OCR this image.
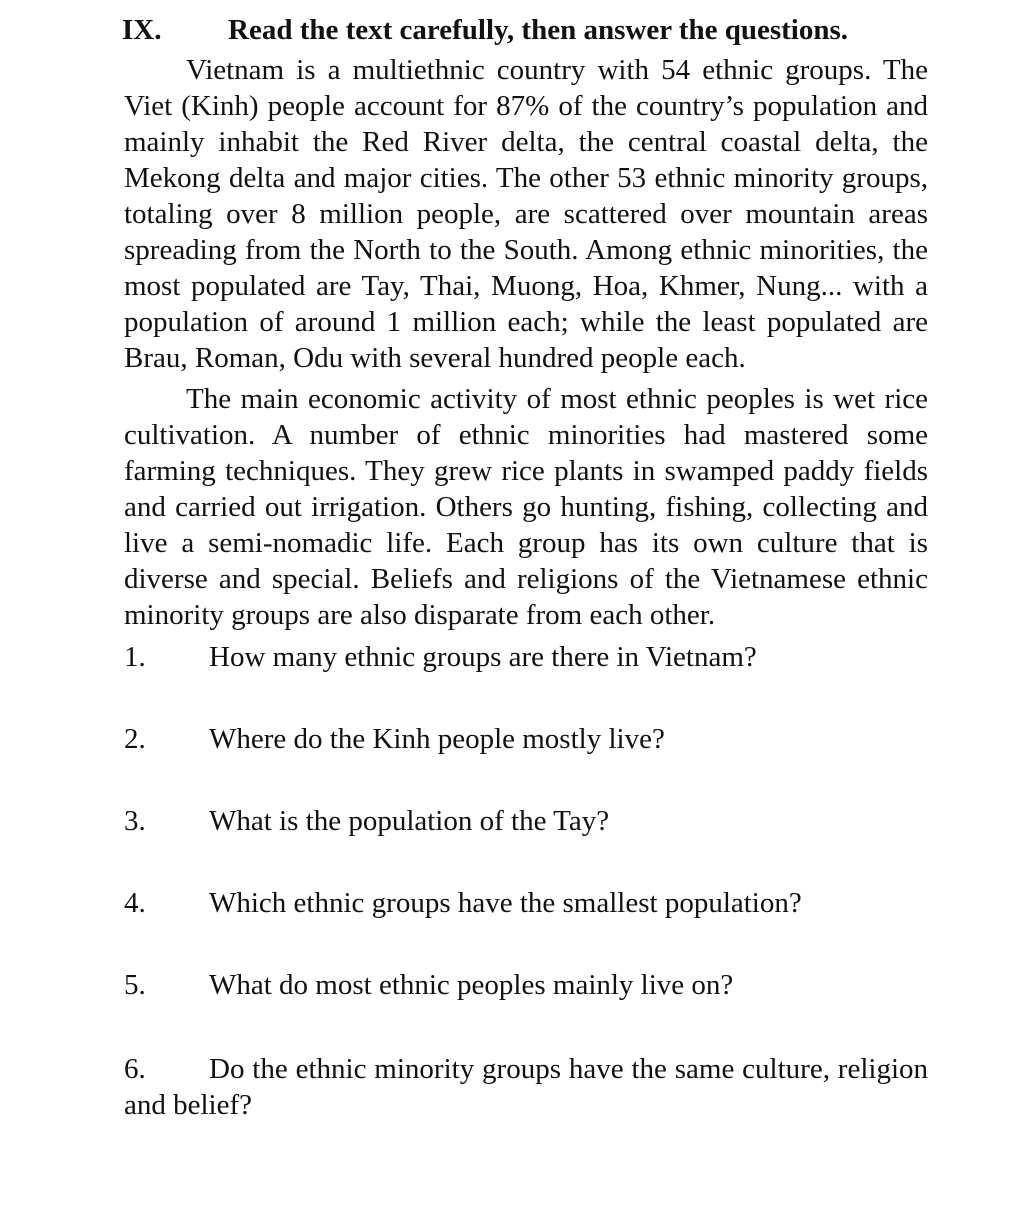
IX.	Read the text carefully, then answer the questions.

Vietnam is a multiethnic country with 54 ethnic groups. The Viet (Kinh) people account for 87% of the country’s population and mainly inhabit the Red River delta, the central coastal delta, the Mekong delta and major cities. The other 53 ethnic minority groups, totaling over 8 million people, are scattered over mountain areas spreading from the North to the South. Among ethnic minorities, the most populated are Tay, Thai, Muong, Hoa, Khmer, Nung... with a population of around 1 million each; while the least populated are Brau, Roman, Odu with several hundred people each.

The main economic activity of most ethnic peoples is wet rice cultivation. A number of ethnic minorities had mastered some farming techniques. They grew rice plants in swamped paddy fields and carried out irrigation. Others go hunting, fishing, collecting and live a semi-nomadic life. Each group has its own culture that is diverse and special. Beliefs and religions of the Vietnamese ethnic minority groups are also disparate from each other.

1.	How many ethnic groups are there in Vietnam?
2.	Where do the Kinh people mostly live?
3.	What is the population of the Tay?
4.	Which ethnic groups have the smallest population?
5.	What do most ethnic peoples mainly live on?
6. Do the ethnic minority groups have the same culture, religion and belief?
